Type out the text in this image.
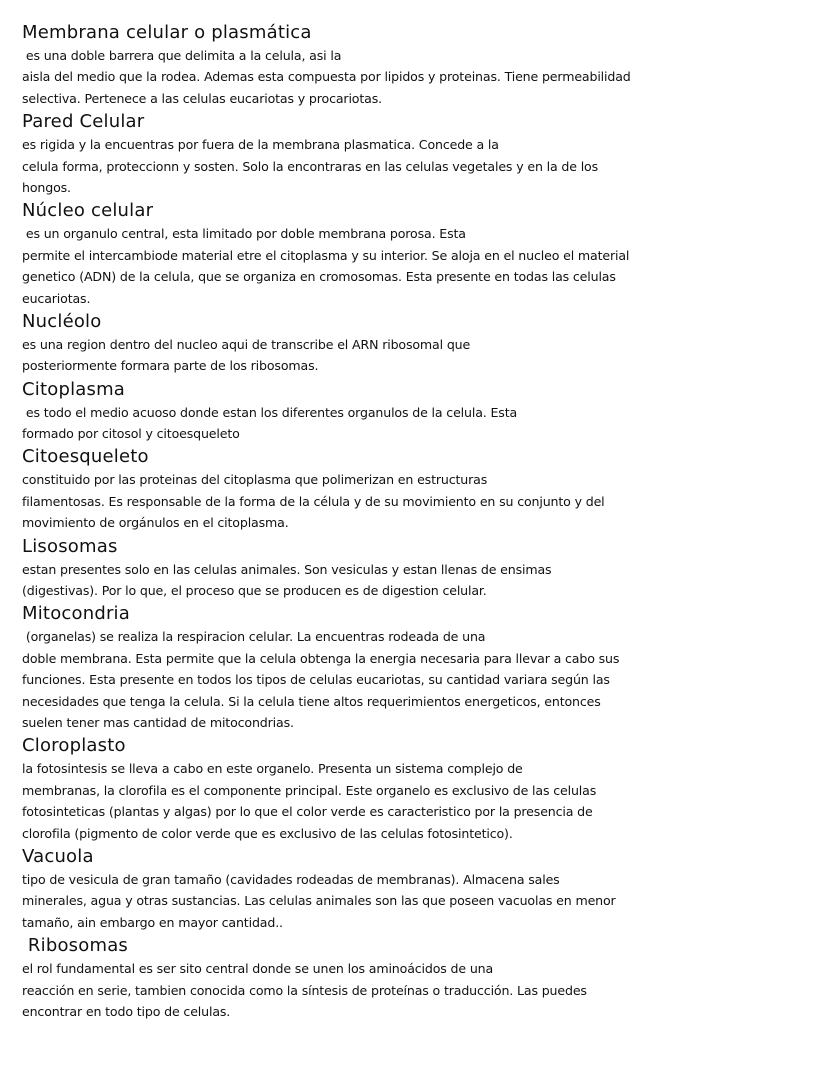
Membrana celular o plasmática
es una doble barrera que delimita a la celula, asi la
aisla del medio que la rodea. Ademas esta compuesta por lipidos y proteinas. Tiene permeabilidad
selectiva. Pertenece a las celulas eucariotas y procariotas.
Pared Celular
es rigida y la encuentras por fuera de la membrana plasmatica. Concede a la
celula forma, proteccionn y sosten. Solo la encontraras en las celulas vegetales y en la de los
hongos.
Núcleo celular
es un organulo central, esta limitado por doble membrana porosa. Esta
permite el intercambiode material etre el citoplasma y su interior. Se aloja en el nucleo el material
genetico (ADN) de la celula, que se organiza en cromosomas. Esta presente en todas las celulas
eucariotas.
Nucléolo
es una region dentro del nucleo aqui de transcribe el ARN ribosomal que
posteriormente formara parte de los ribosomas.
Citoplasma
es todo el medio acuoso donde estan los diferentes organulos de la celula. Esta
formado por citosol y citoesqueleto
Citoesqueleto
constituido por las proteinas del citoplasma que polimerizan en estructuras
filamentosas. Es responsable de la forma de la célula y de su movimiento en su conjunto y del
movimiento de orgánulos en el citoplasma.
Lisosomas
estan presentes solo en las celulas animales. Son vesiculas y estan llenas de ensimas
(digestivas). Por lo que, el proceso que se producen es de digestion celular.
Mitocondria
(organelas) se realiza la respiracion celular. La encuentras rodeada de una
doble membrana. Esta permite que la celula obtenga la energia necesaria para llevar a cabo sus
funciones. Esta presente en todos los tipos de celulas eucariotas, su cantidad variara según las
necesidades que tenga la celula. Si la celula tiene altos requerimientos energeticos, entonces
suelen tener mas cantidad de mitocondrias.
Cloroplasto
la fotosintesis se lleva a cabo en este organelo. Presenta un sistema complejo de
membranas, la clorofila es el componente principal. Este organelo es exclusivo de las celulas
fotosinteticas (plantas y algas) por lo que el color verde es caracteristico por la presencia de
clorofila (pigmento de color verde que es exclusivo de las celulas fotosintetico).
Vacuola
tipo de vesicula de gran tamaño (cavidades rodeadas de membranas). Almacena sales
minerales, agua y otras sustancias. Las celulas animales son las que poseen vacuolas en menor
tamaño, ain embargo en mayor cantidad..
Ribosomas
el rol fundamental es ser sito central donde se unen los aminoácidos de una
reacción en serie, tambien conocida como la síntesis de proteínas o traducción. Las puedes
encontrar en todo tipo de celulas.
